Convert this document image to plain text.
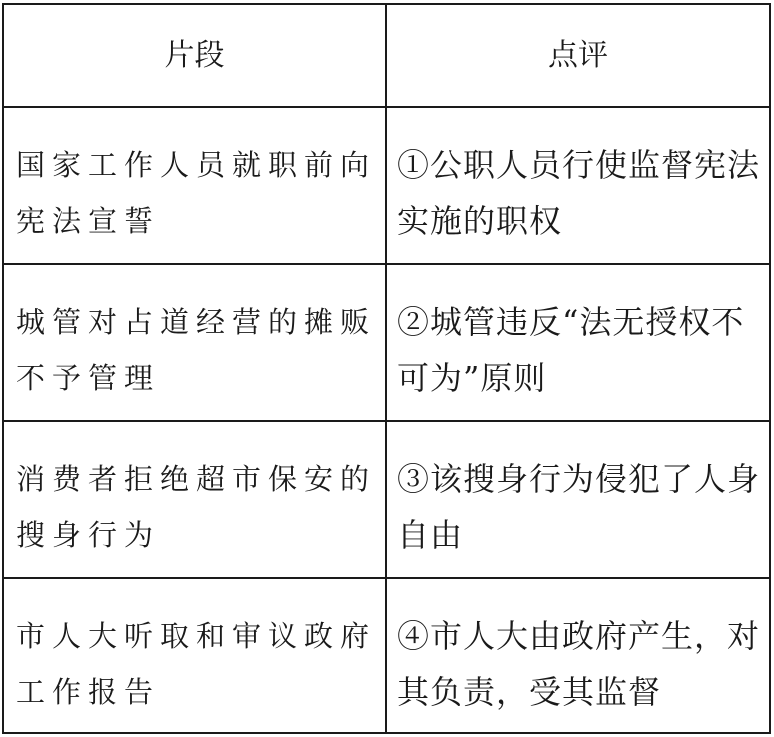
片段	点评
国家工作人员就职前向宪法宣誓
①公职人员行使监督宪法实施的职权
城管对占道经营的摊贩不予管理
②城管违反“法无授权不可为”原则
消费者拒绝超市保安的搜身行为
③该搜身行为侵犯了人身自由
市人大听取和审议政府工作报告
④市人大由政府产生，对其负责，受其监督
